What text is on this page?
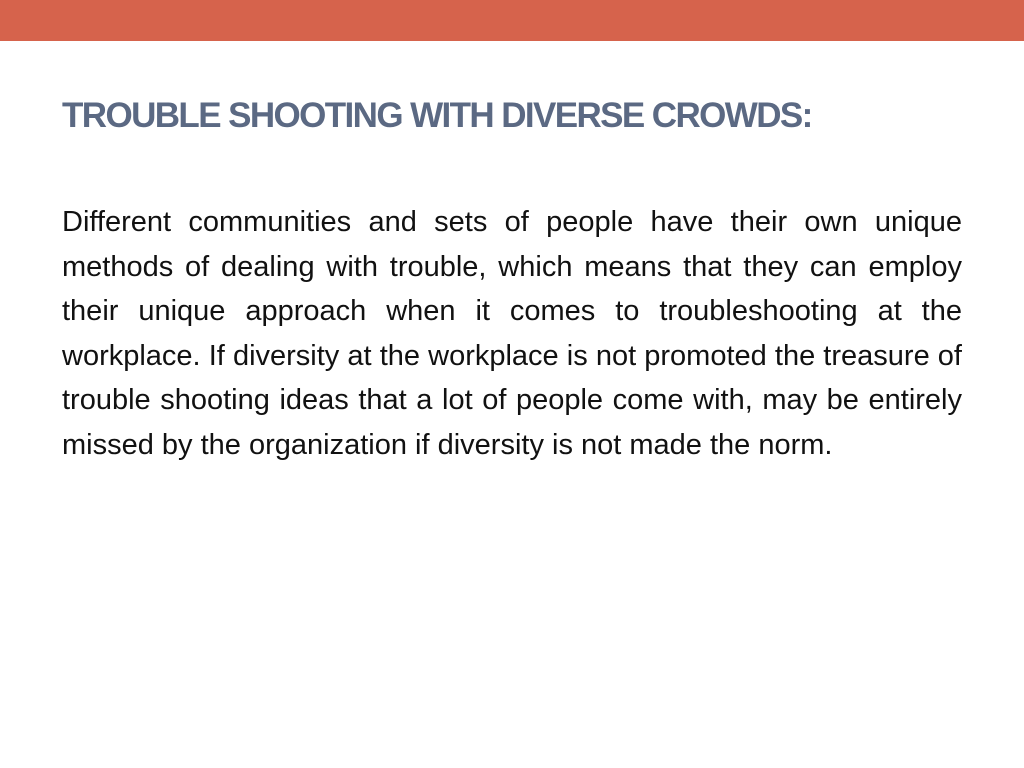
TROUBLE SHOOTING WITH DIVERSE CROWDS:

Different communities and sets of people have their own unique methods of dealing with trouble, which means that they can employ their unique approach when it comes to troubleshooting at the workplace. If diversity at the workplace is not promoted the treasure of trouble shooting ideas that a lot of people come with, may be entirely missed by the organization if diversity is not made the norm.
